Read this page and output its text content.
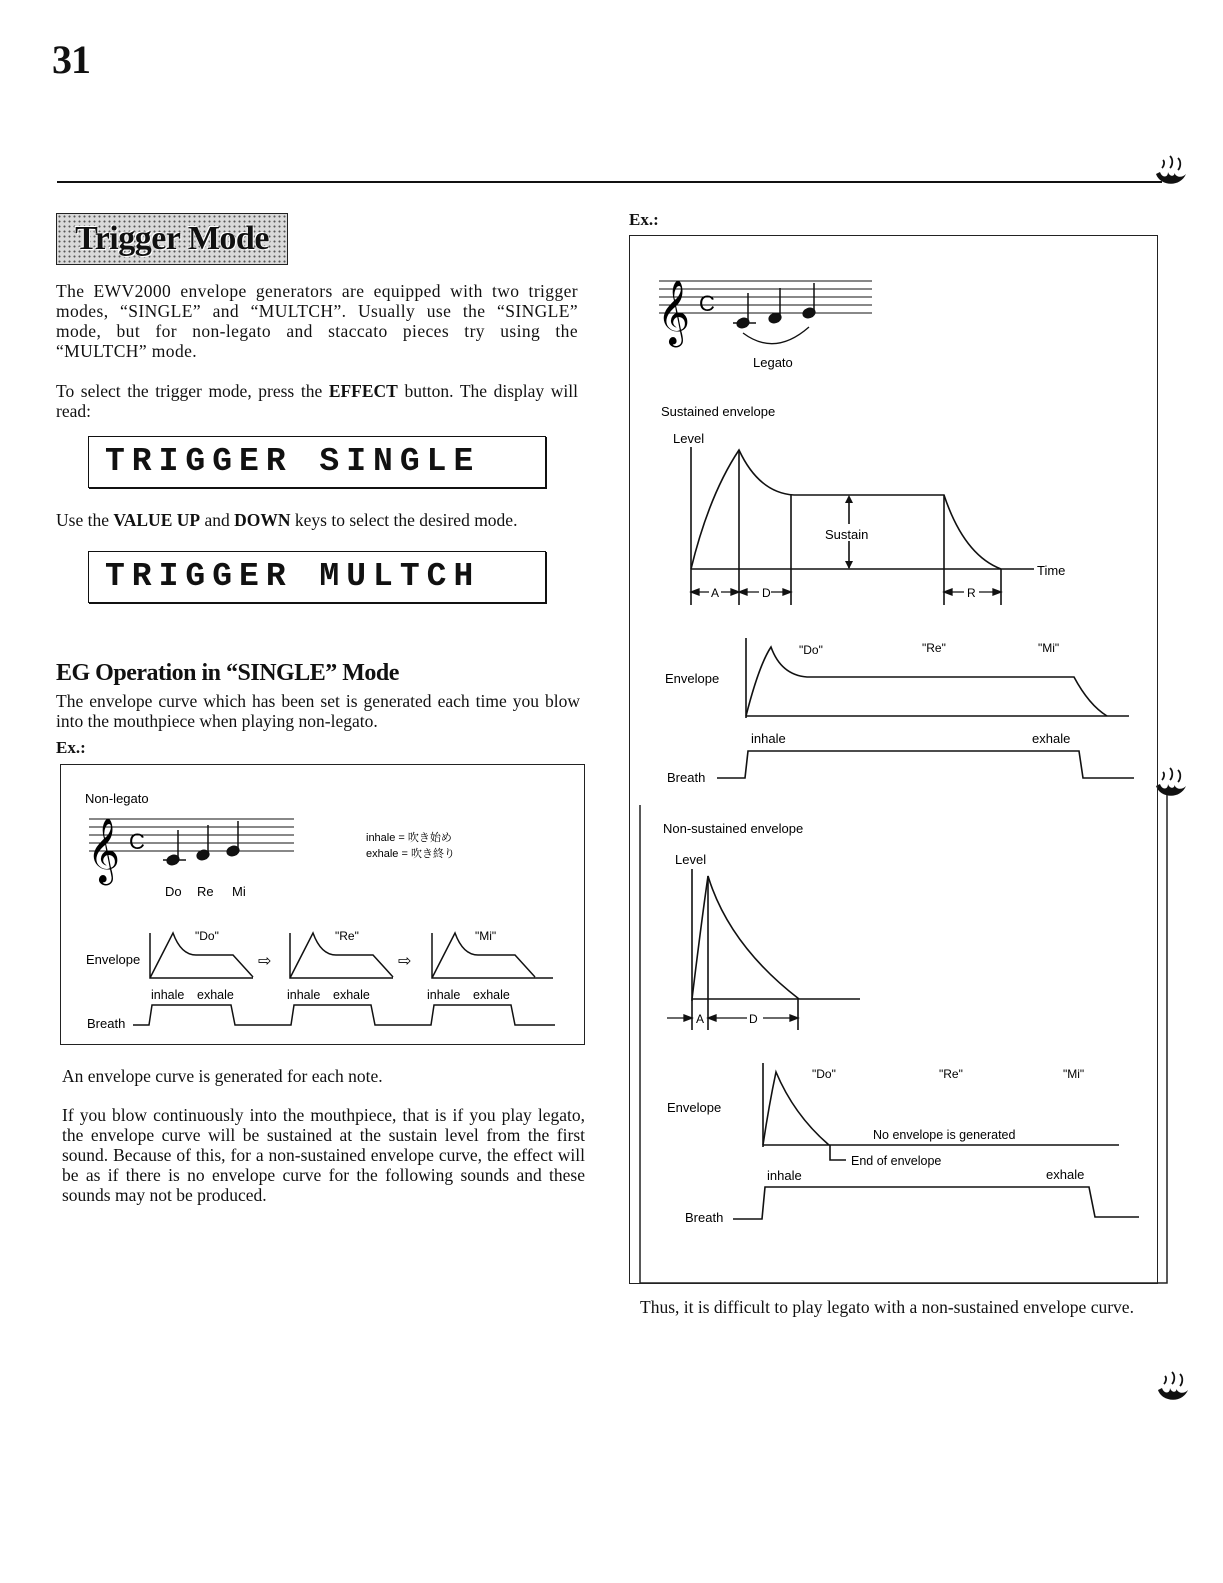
31
Trigger Mode
The EWV2000 envelope generators are equipped with two trigger modes, “SINGLE” and “MULTCH”. Usually use the “SINGLE” mode, but for non-legato and staccato pieces try using the “MULTCH” mode.
To select the trigger mode, press the EFFECT button. The display will read:
TRIGGER SINGLE
Use the VALUE UP and DOWN keys to select the desired mode.
TRIGGER MULTCH
EG Operation in “SINGLE” Mode
The envelope curve which has been set is generated each time you blow into the mouthpiece when playing non-legato.
Ex.:
Non-legato
𝄞 C
Do Re Mi
inhale = 吹き始め
exhale = 吹き終り
Envelope
"Do"	"Re"	"Mi"
⇨	⇨
inhale exhale	inhale exhale	inhale exhale
Breath
An envelope curve is generated for each note.
If you blow continuously into the mouthpiece, that is if you play legato, the envelope curve will be sustained at the sustain level from the first sound. Because of this, for a non-sustained envelope curve, the effect will be as if there is no envelope curve for the following sounds and these sounds may not be produced.
Ex.:
𝄞 C
Legato
Sustained envelope
Level
Sustain
Time
A	D	R
Envelope
"Do"	"Re"	"Mi"
inhale	exhale
Breath
Non-sustained envelope
Level
A	D
Envelope
"Do"	"Re"	"Mi"
No envelope is generated
End of envelope
inhale	exhale
Breath
Thus, it is difficult to play legato with a non-sustained envelope curve.
